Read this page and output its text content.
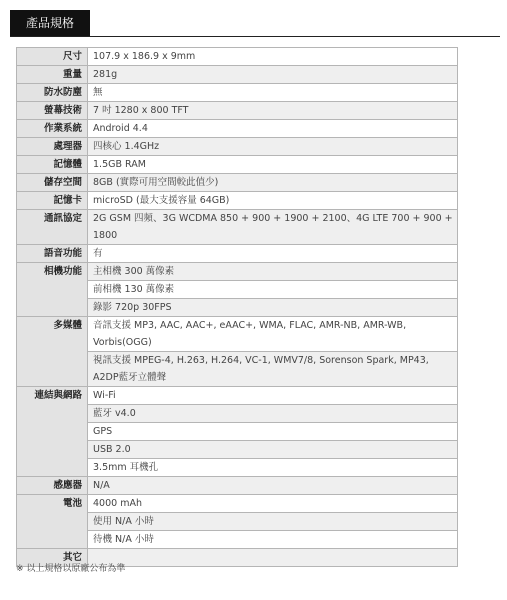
產品規格
尺寸	107.9 x 186.9 x 9mm

重量	281g

防水防塵	無

螢幕技術	7 吋 1280 x 800 TFT

作業系統	Android 4.4

處理器	四核心 1.4GHz

記憶體	1.5GB RAM

儲存空間	8GB (實際可用空間較此值少)

記憶卡	microSD (最大支援容量 64GB)

通訊協定	2G GSM 四頻、3G WCDMA 850 + 900 + 1900 + 2100、4G LTE 700 + 900 + 1800

語音功能	有

相機功能	主相機 300 萬像素

	前相機 130 萬像素

	錄影 720p 30FPS

多媒體	音訊支援 MP3, AAC, AAC+, eAAC+, WMA, FLAC, AMR-NB, AMR-WB, Vorbis(OGG)

	視訊支援 MPEG-4, H.263, H.264, VC-1, WMV7/8, Sorenson Spark, MP43, A2DP藍牙立體聲

連結與網路	Wi-Fi

	藍牙 v4.0

	GPS

	USB 2.0

	3.5mm 耳機孔

感應器	N/A

電池	4000 mAh

	使用 N/A 小時

	待機 N/A 小時

其它	

※ 以上規格以原廠公布為準
